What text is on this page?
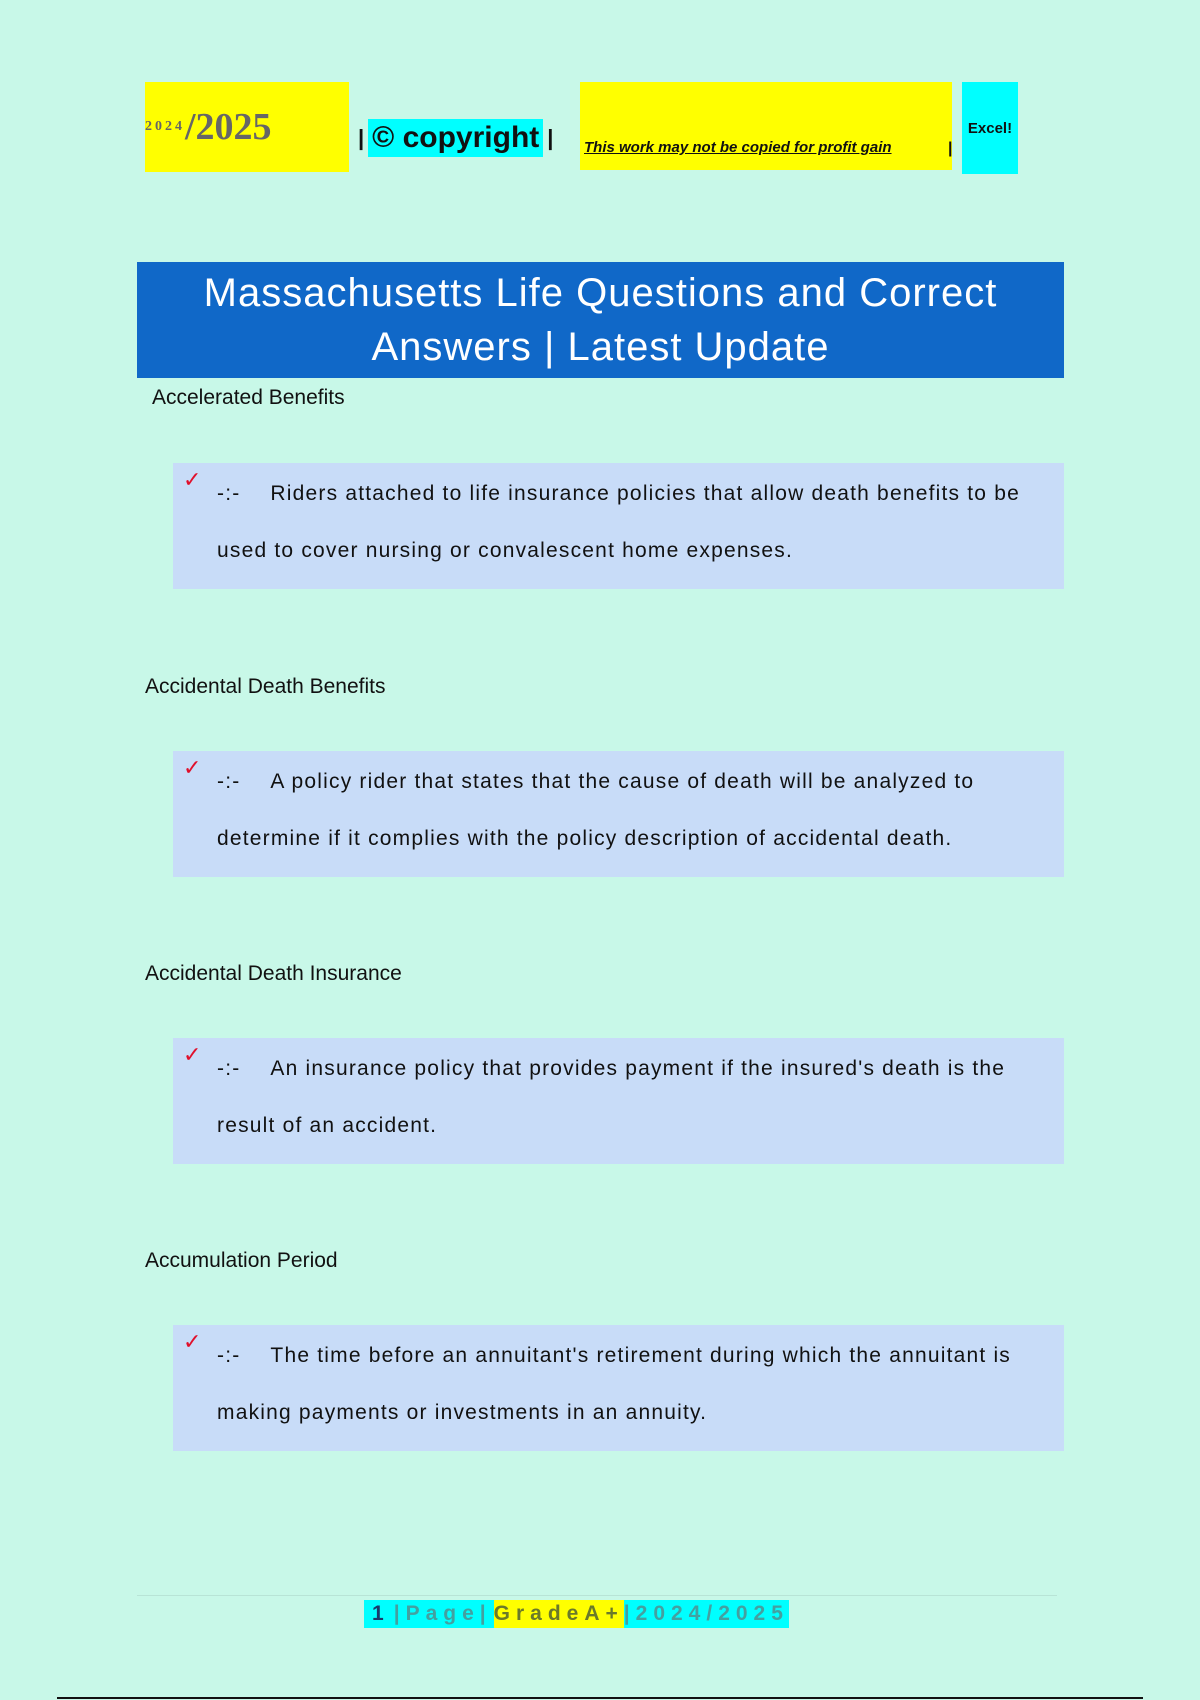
2024 /2025	| © copyright | This work may not be copied for profit gain	|
Excel!
Massachusetts Life Questions and Correct Answers | Latest Update
Accelerated Benefits
✓
-:- Riders attached to life insurance policies that allow death benefits to be used to cover nursing or convalescent home expenses.
Accidental Death Benefits
✓
-:- A policy rider that states that the cause of death will be analyzed to determine if it complies with the policy description of accidental death.
Accidental Death Insurance
✓
-:- An insurance policy that provides payment if the insured's death is the result of an accident.
Accumulation Period
✓
-:- The time before an annuitant's retirement during which the annuitant is making payments or investments in an annuity.
1 |Page| GradeA+ |2024/2025
